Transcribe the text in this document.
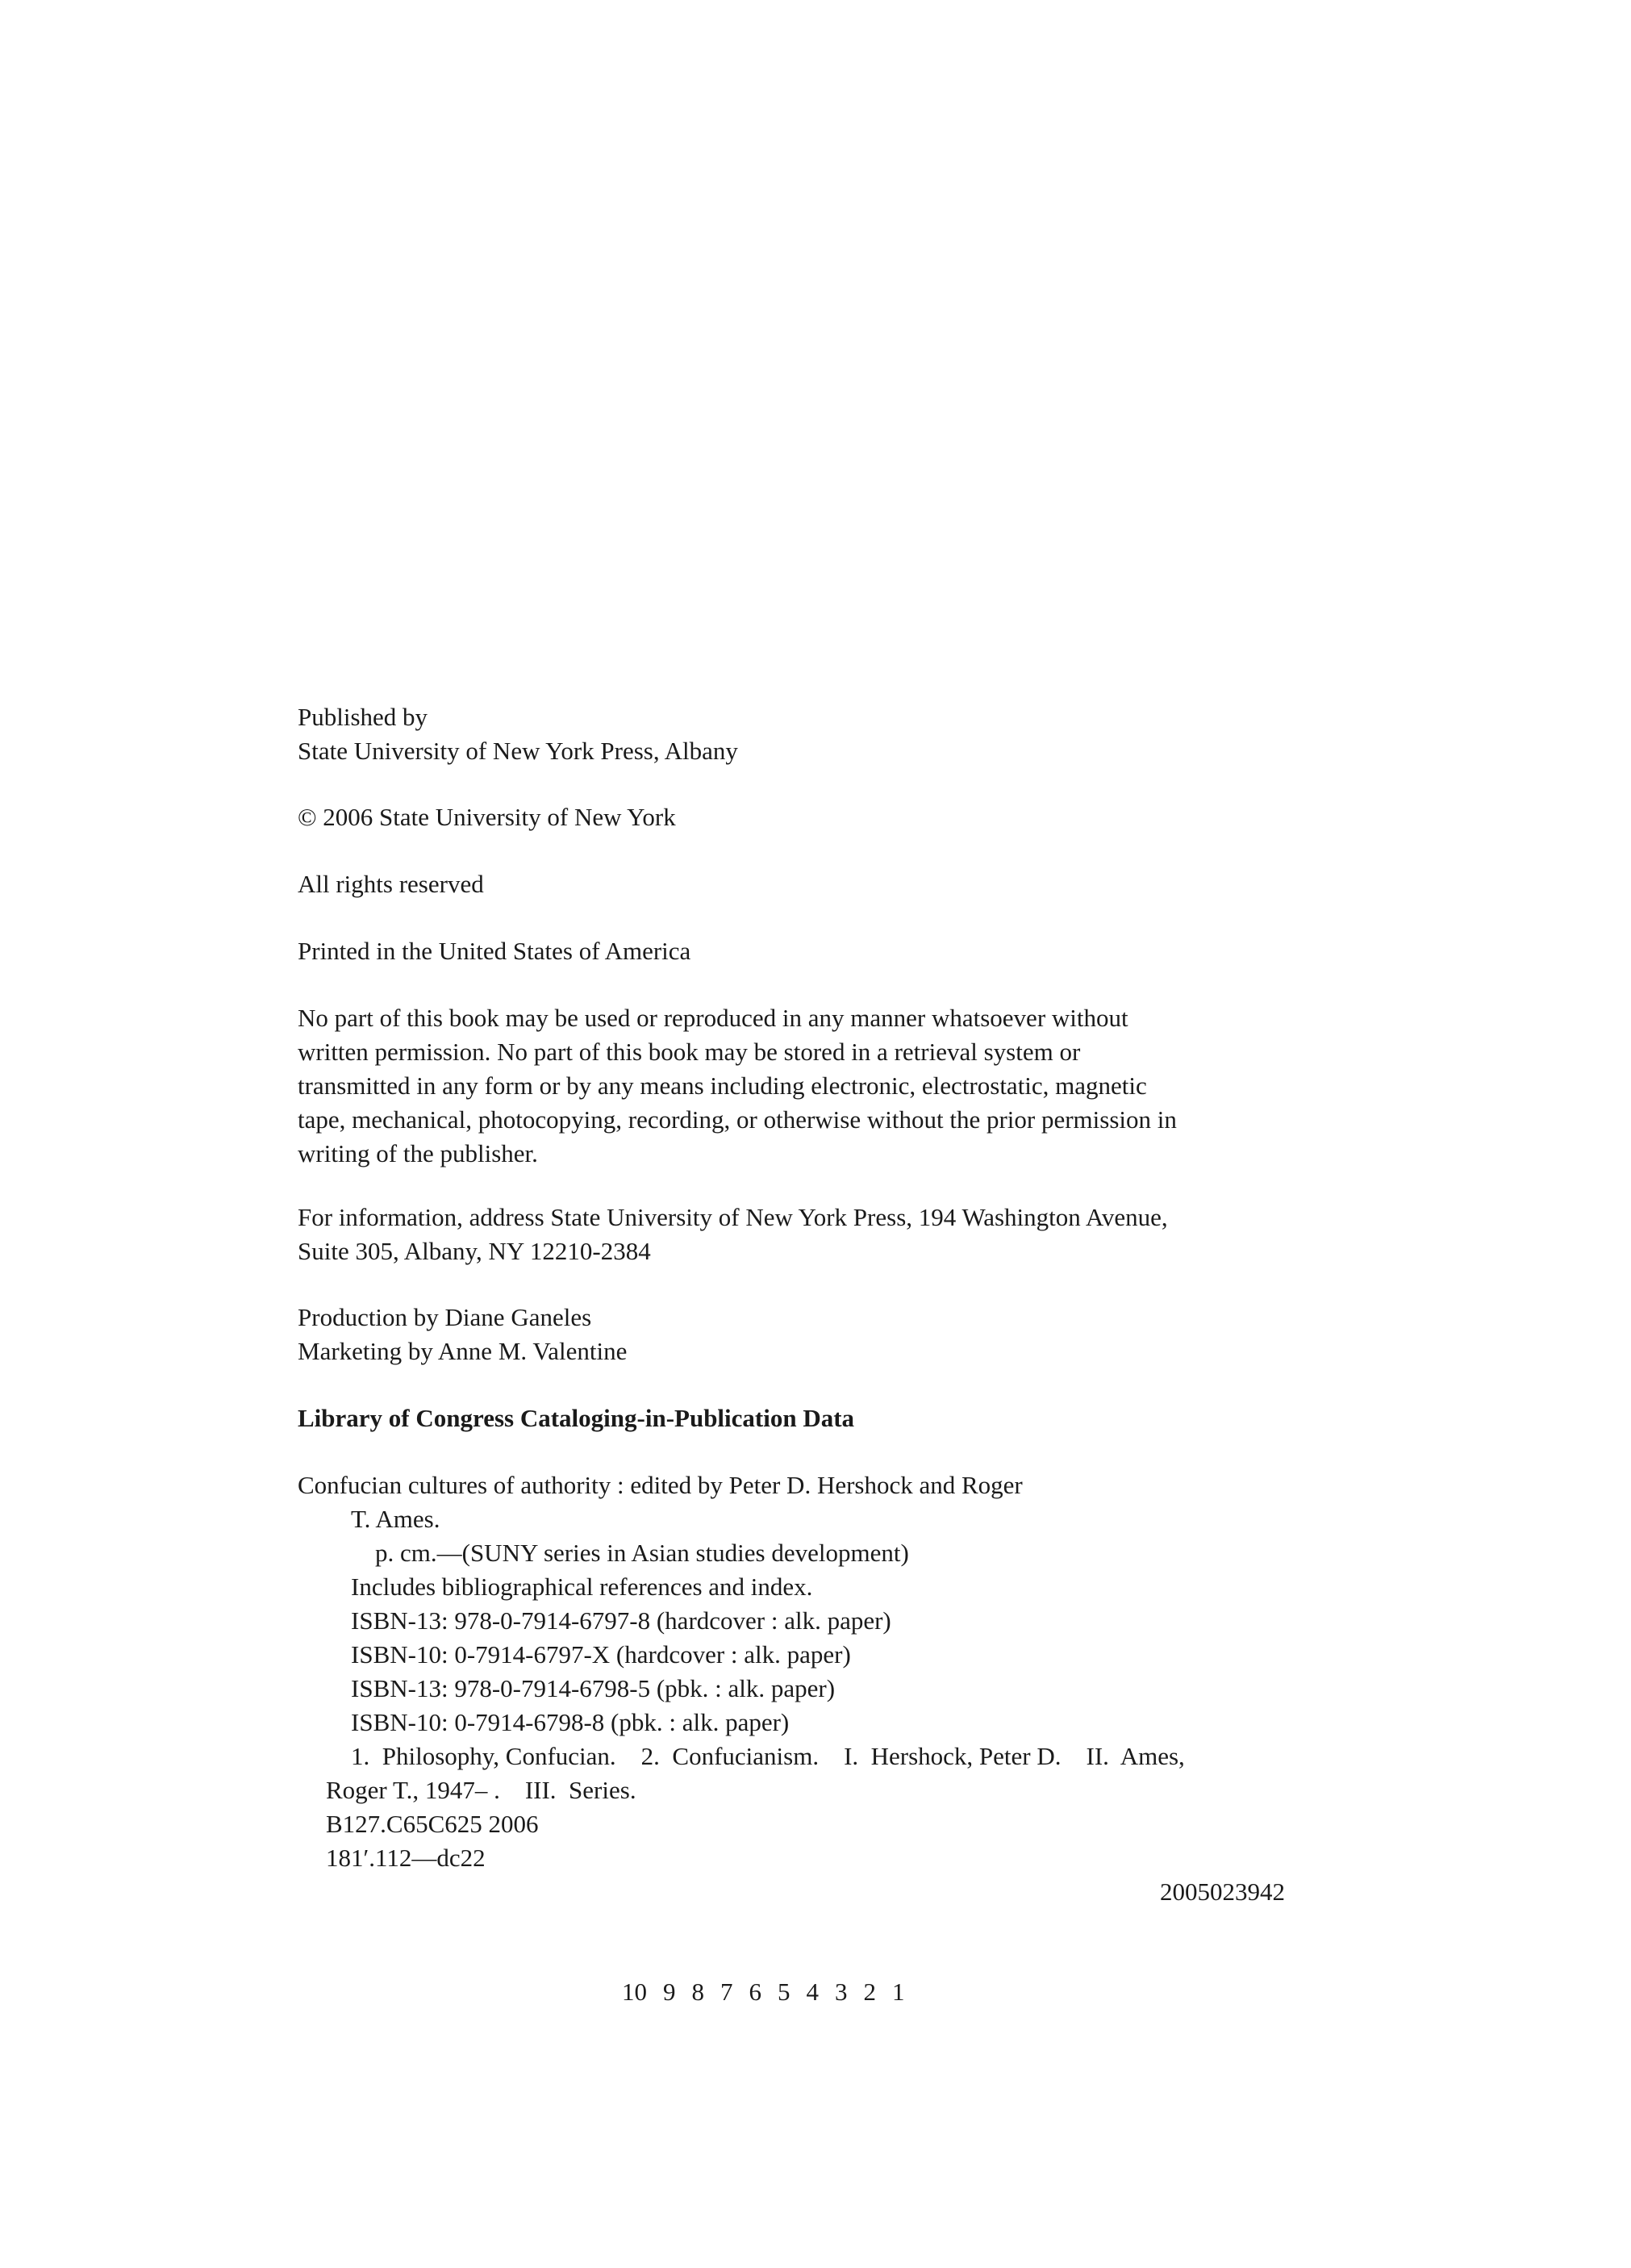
Published by
State University of New York Press, Albany
© 2006 State University of New York
All rights reserved
Printed in the United States of America
No part of this book may be used or reproduced in any manner whatsoever without
written permission. No part of this book may be stored in a retrieval system or
transmitted in any form or by any means including electronic, electrostatic, magnetic
tape, mechanical, photocopying, recording, or otherwise without the prior permission in
writing of the publisher.
For information, address State University of New York Press, 194 Washington Avenue,
Suite 305, Albany, NY 12210-2384
Production by Diane Ganeles
Marketing by Anne M. Valentine
Library of Congress Cataloging-in-Publication Data
Confucian cultures of authority : edited by Peter D. Hershock and Roger
T. Ames.
p. cm.—(SUNY series in Asian studies development)
Includes bibliographical references and index.
ISBN-13: 978-0-7914-6797-8 (hardcover : alk. paper)
ISBN-10: 0-7914-6797-X (hardcover : alk. paper)
ISBN-13: 978-0-7914-6798-5 (pbk. : alk. paper)
ISBN-10: 0-7914-6798-8 (pbk. : alk. paper)
1.  Philosophy, Confucian.    2.  Confucianism.    I.  Hershock, Peter D.    II.  Ames,
Roger T., 1947– .    III.  Series.
B127.C65C625 2006
181′.112—dc22
2005023942

10 9 8 7 6 5 4 3 2 1
